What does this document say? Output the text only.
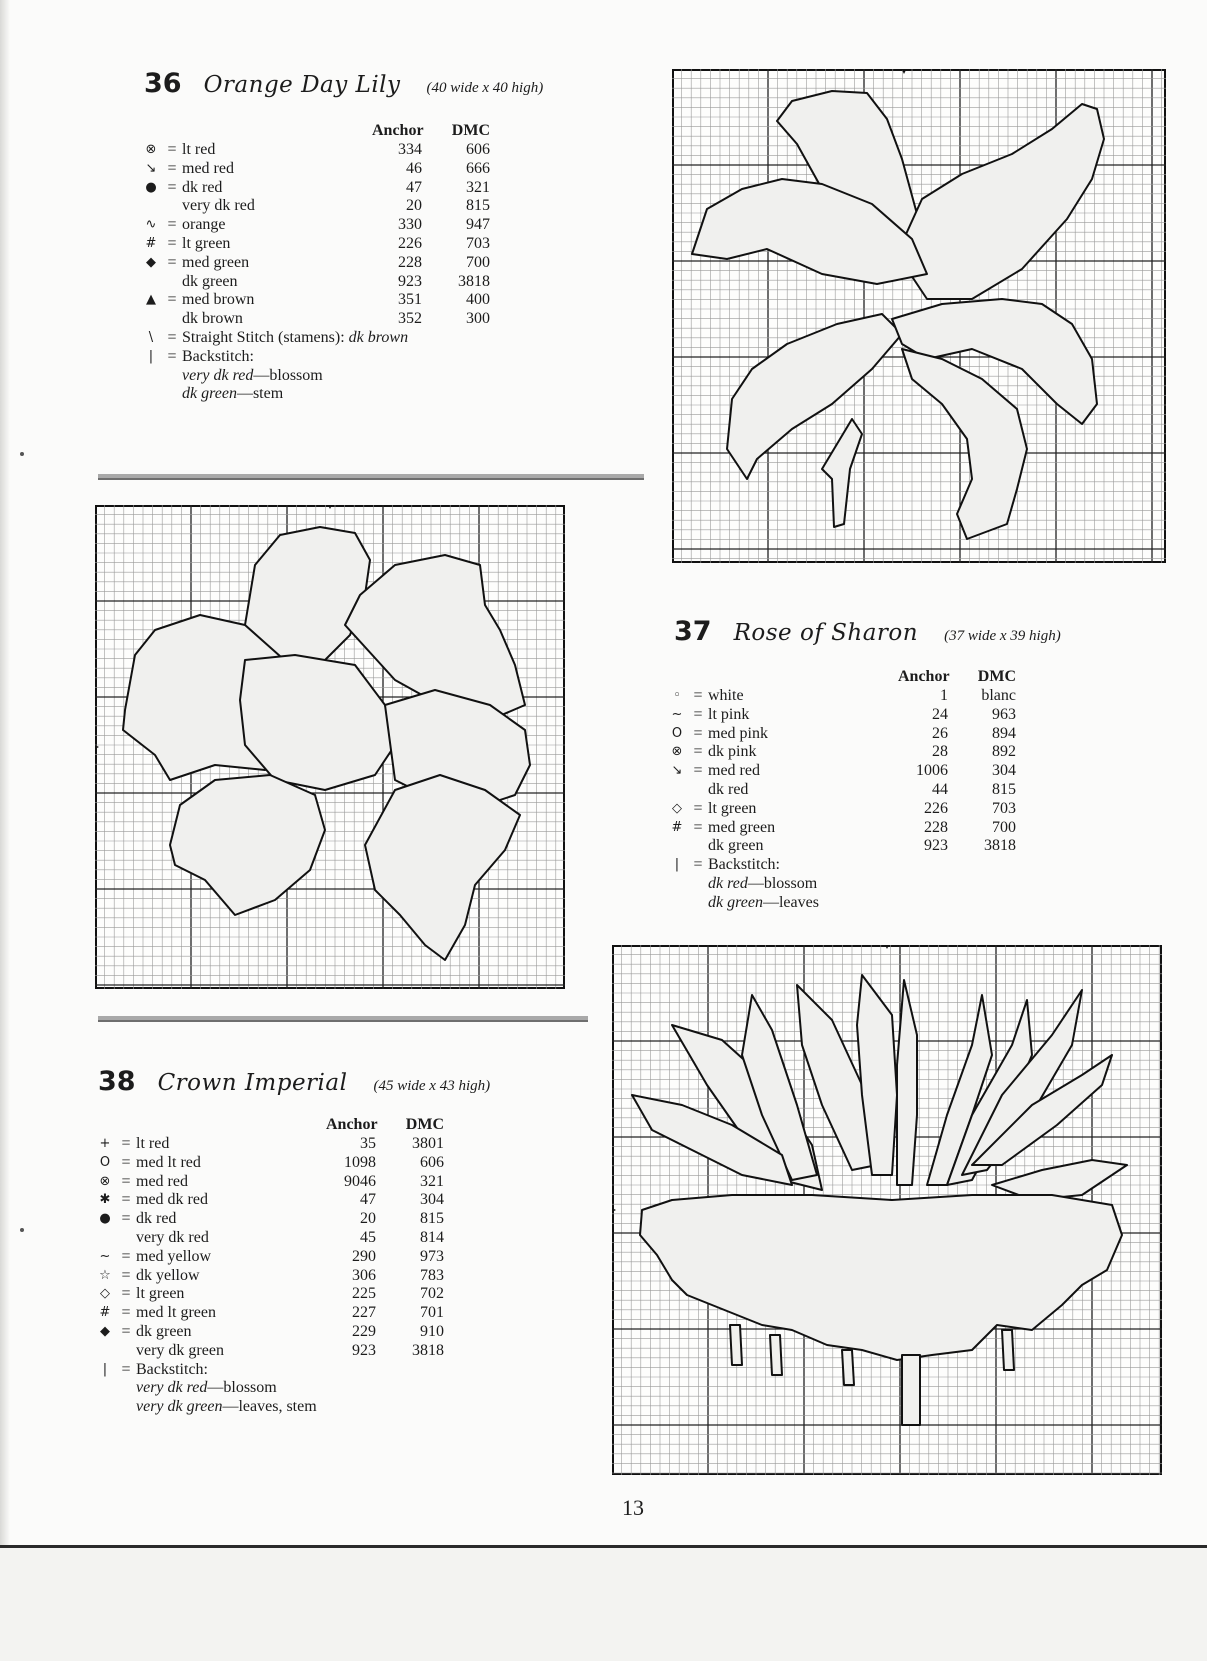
36 Orange Day Lily (40 wide x 40 high)
Anchor	DMC
⊗ = lt red	334	606
↘ = med red	46	666
● = dk red	47	321
very dk red	20	815
∿ = orange	330	947
# = lt green	226	703
◆ = med green	228	700
dk green	923	3818
▲ = med brown	351	400
dk brown	352	300
\ = Straight Stitch (stamens):
dk brown
| = Backstitch:
very dk red —blossom
dk green —stem
37 Rose of Sharon (37 wide x 39 high)
Anchor	DMC
◦ = white	1	blanc
~ = lt pink	24	963
O = med pink	26	894
⊗ = dk pink	28	892
↘ = med red	1006	304
dk red	44	815
◇ = lt green	226	703
# = med green	228	700
dk green	923	3818
| = Backstitch:
dk red —blossom
dk green —leaves
38 Crown Imperial (45 wide x 43 high)
Anchor	DMC
+ = lt red	35	3801
O = med lt red	1098	606
⊗ = med red	9046	321
✱ = med dk red	47	304
● = dk red	20	815
very dk red	45	814
~ = med yellow	290	973
☆ = dk yellow	306	783
◇ = lt green	225	702
# = med lt green	227	701
◆ = dk green	229	910
very dk green	923	3818
| = Backstitch:
very dk red —blossom
very dk green —leaves, stem
13
